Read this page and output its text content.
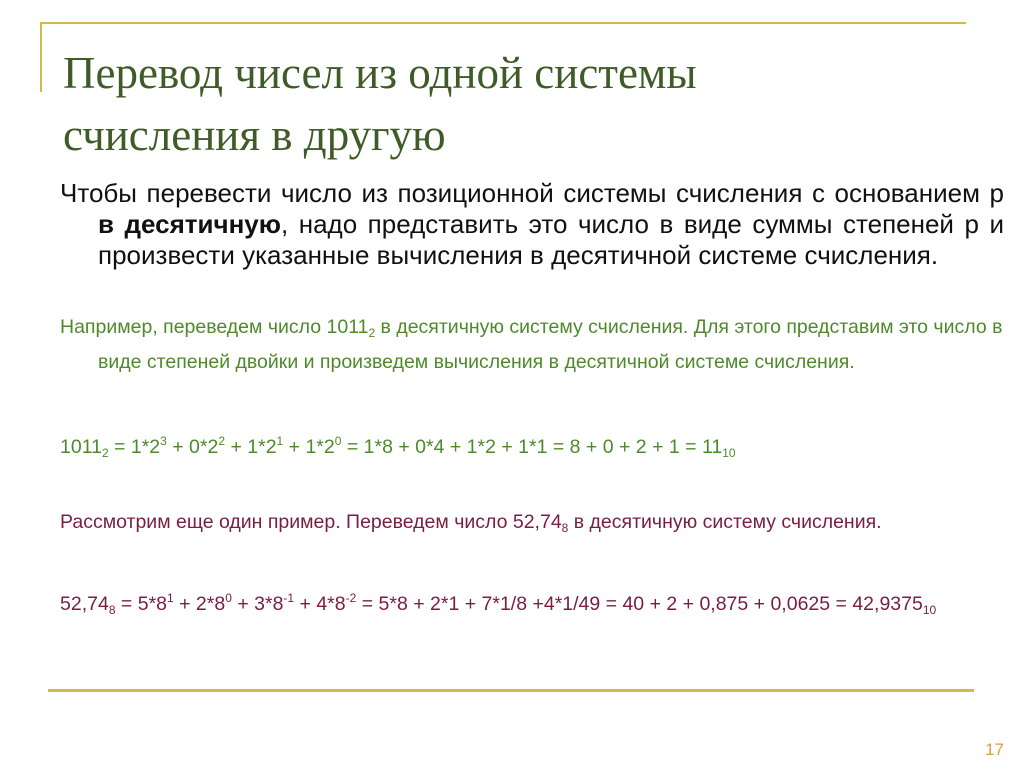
Перевод чисел из одной системы
счисления в другую
Чтобы перевести число из позиционной системы счисления с основанием p в десятичную, надо представить это число в виде суммы степеней p и произвести указанные вычисления в десятичной системе счисления.
Например, переведем число $1011_2$ в десятичную систему счисления. Для этого представим это число в виде степеней двойки и произведем вычисления в десятичной системе счисления.
$1011_2 = 1*2^3 + 0*2^2 + 1*2^1 + 1*2^0 = 1*8 + 0*4 + 1*2 + 1*1 = 8 + 0 + 2 + 1 = 11_{10}$
Рассмотрим еще один пример. Переведем число $52,74_8$ в десятичную систему счисления.
$52,74_8 = 5*8^1 + 2*8^0 + 3*8^{-1} + 4*8^{-2} = 5*8 + 2*1 + 7*1/8 +4*1/49 = 40 + 2 + 0,875 + 0,0625 = 42,9375_{10}$
17
